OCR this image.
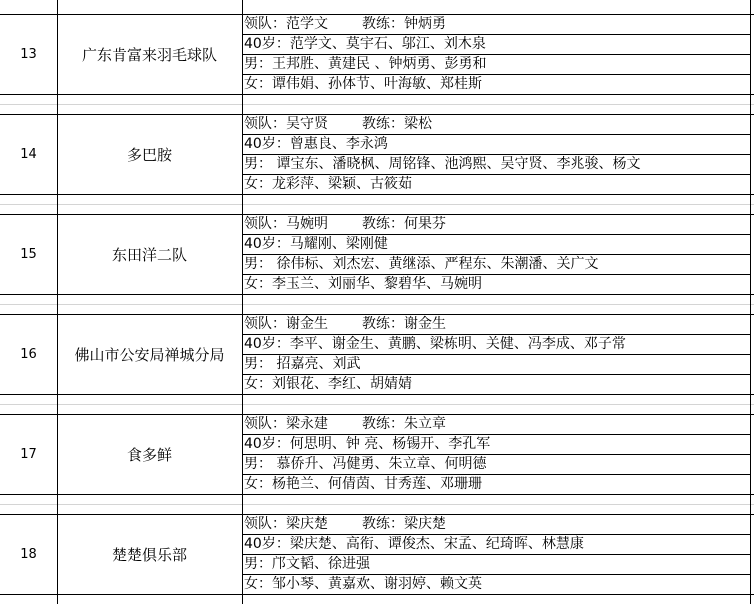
13	广东肯富来羽毛球队
领队：范学文 教练：钟炳勇
40岁：范学文、莫宇石、邬江、刘木泉
男：王邦胜、黄建民 、钟炳勇、彭勇和
女：谭伟娟、孙体节、叶海敏、郑桂斯
14	多巴胺
领队：吴守贤 教练：梁松
40岁：曾惠良、李永鸿
男： 谭宝东、潘晓枫、周铭锋、池鸿熙、吴守贤、李兆骏、杨文
女：龙彩萍、梁颖、古筱茹
15	东田洋二队
领队：马婉明 教练：何果芬
40岁：马耀刚、梁刚健
男： 徐伟标、刘杰宏、黄继添、严程东、朱潮潘、关广文
女：李玉兰、刘丽华、黎碧华、马婉明
16	佛山市公安局禅城分局
领队：谢金生 教练：谢金生
40岁：李平、谢金生、黄鹏、梁栋明、关健、冯李成、邓子常
男： 招嘉亮、刘武
女：刘银花、李红、胡婧婧
17	食多鲜
领队：梁永建 教练：朱立章
40岁：何思明、钟 亮、杨锡开、李孔军
男： 慕侨升、冯健勇、朱立章、何明德
女：杨艳兰、何倩茵、甘秀莲、邓珊珊
18	楚楚俱乐部
领队：梁庆楚 教练：梁庆楚
40岁：梁庆楚、高衔、谭俊杰、宋孟、纪琦晖、林慧康
男：邝文韬、徐进强
女：邹小琴、黄嘉欢、谢羽婷、赖文英
